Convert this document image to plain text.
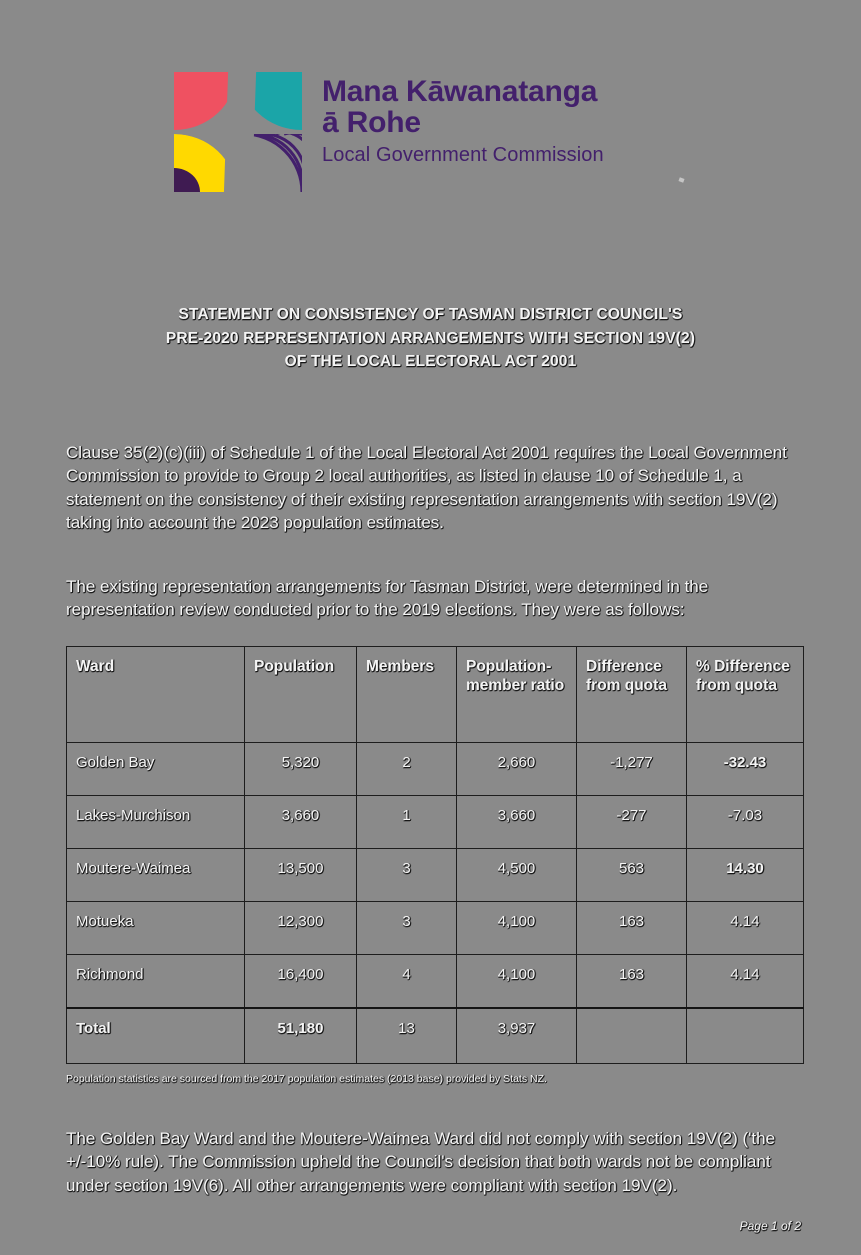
Mana Kāwanatanga
ā Rohe
Local Government Commission
STATEMENT ON CONSISTENCY OF TASMAN DISTRICT COUNCIL'S
PRE-2020 REPRESENTATION ARRANGEMENTS WITH SECTION 19V(2)
OF THE LOCAL ELECTORAL ACT 2001

Clause 35(2)(c)(iii) of Schedule 1 of the Local Electoral Act 2001 requires the Local Government Commission to provide to Group 2 local authorities, as listed in clause 10 of Schedule 1, a statement on the consistency of their existing representation arrangements with section 19V(2) taking into account the 2023 population estimates.

The existing representation arrangements for Tasman District, were determined in the representation review conducted prior to the 2019 elections. They were as follows:

Ward	Population	Members	Population-member ratio	Difference from quota	% Difference from quota
Golden Bay	5,320	2	2,660	-1,277	-32.43
Lakes-Murchison	3,660	1	3,660	-277	-7.03
Moutere-Waimea	13,500	3	4,500	563	14.30
Motueka	12,300	3	4,100	163	4.14
Richmond	16,400	4	4,100	163	4.14
Total	51,180	13	3,937		
Population statistics are sourced from the 2017 population estimates (2013 base) provided by Stats NZ.

The Golden Bay Ward and the Moutere-Waimea Ward did not comply with section 19V(2) ('the +/-10% rule). The Commission upheld the Council's decision that both wards not be compliant under section 19V(6). All other arrangements were compliant with section 19V(2).

Page 1 of 2
